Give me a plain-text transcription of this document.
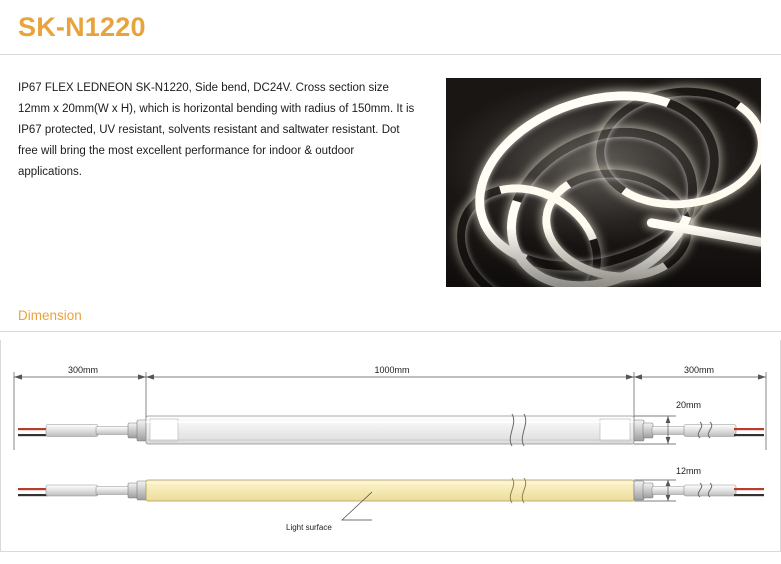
SK-N1220
IP67 FLEX LEDNEON SK-N1220, Side bend, DC24V. Cross section size 12mm x 20mm(W x H), which is horizontal bending with radius of 150mm. It is IP67 protected, UV resistant, solvents resistant and saltwater resistant. Dot free will bring the most excellent performance for indoor & outdoor applications.
Dimension
300mm	1000mm	300mm
20mm
12mm
Light surface
